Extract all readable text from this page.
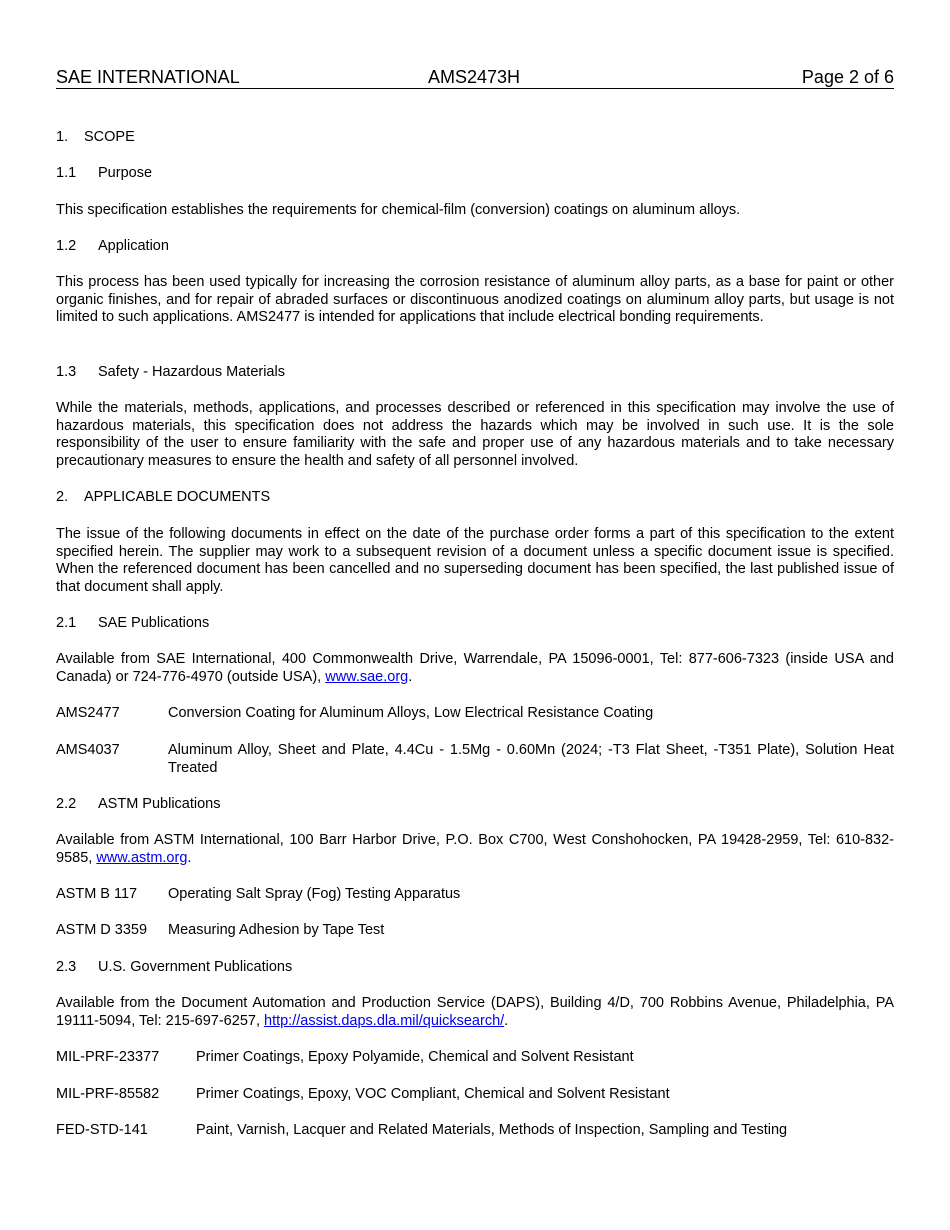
SAE INTERNATIONAL	AMS2473H	Page 2 of 6
1. SCOPE
1.1 Purpose
This specification establishes the requirements for chemical-film (conversion) coatings on aluminum alloys.
1.2 Application
This process has been used typically for increasing the corrosion resistance of aluminum alloy parts, as a base for paint or other organic finishes, and for repair of abraded surfaces or discontinuous anodized coatings on aluminum alloy parts, but usage is not limited to such applications. AMS2477 is intended for applications that include electrical bonding requirements.
1.3 Safety - Hazardous Materials
While the materials, methods, applications, and processes described or referenced in this specification may involve the use of hazardous materials, this specification does not address the hazards which may be involved in such use. It is the sole responsibility of the user to ensure familiarity with the safe and proper use of any hazardous materials and to take necessary precautionary measures to ensure the health and safety of all personnel involved.
2. APPLICABLE DOCUMENTS
The issue of the following documents in effect on the date of the purchase order forms a part of this specification to the extent specified herein. The supplier may work to a subsequent revision of a document unless a specific document issue is specified. When the referenced document has been cancelled and no superseding document has been specified, the last published issue of that document shall apply.
2.1 SAE Publications
Available from SAE International, 400 Commonwealth Drive, Warrendale, PA 15096-0001, Tel: 877-606-7323 (inside USA and Canada) or 724-776-4970 (outside USA), www.sae.org.
AMS2477	Conversion Coating for Aluminum Alloys, Low Electrical Resistance Coating
AMS4037	Aluminum Alloy, Sheet and Plate, 4.4Cu - 1.5Mg - 0.60Mn (2024; -T3 Flat Sheet, -T351 Plate), Solution Heat Treated
2.2 ASTM Publications
Available from ASTM International, 100 Barr Harbor Drive, P.O. Box C700, West Conshohocken, PA 19428-2959, Tel: 610-832-9585, www.astm.org.
ASTM B 117	Operating Salt Spray (Fog) Testing Apparatus
ASTM D 3359	Measuring Adhesion by Tape Test
2.3 U.S. Government Publications
Available from the Document Automation and Production Service (DAPS), Building 4/D, 700 Robbins Avenue, Philadelphia, PA 19111-5094, Tel: 215-697-6257, http://assist.daps.dla.mil/quicksearch/.
MIL-PRF-23377	Primer Coatings, Epoxy Polyamide, Chemical and Solvent Resistant
MIL-PRF-85582	Primer Coatings, Epoxy, VOC Compliant, Chemical and Solvent Resistant
FED-STD-141	Paint, Varnish, Lacquer and Related Materials, Methods of Inspection, Sampling and Testing
